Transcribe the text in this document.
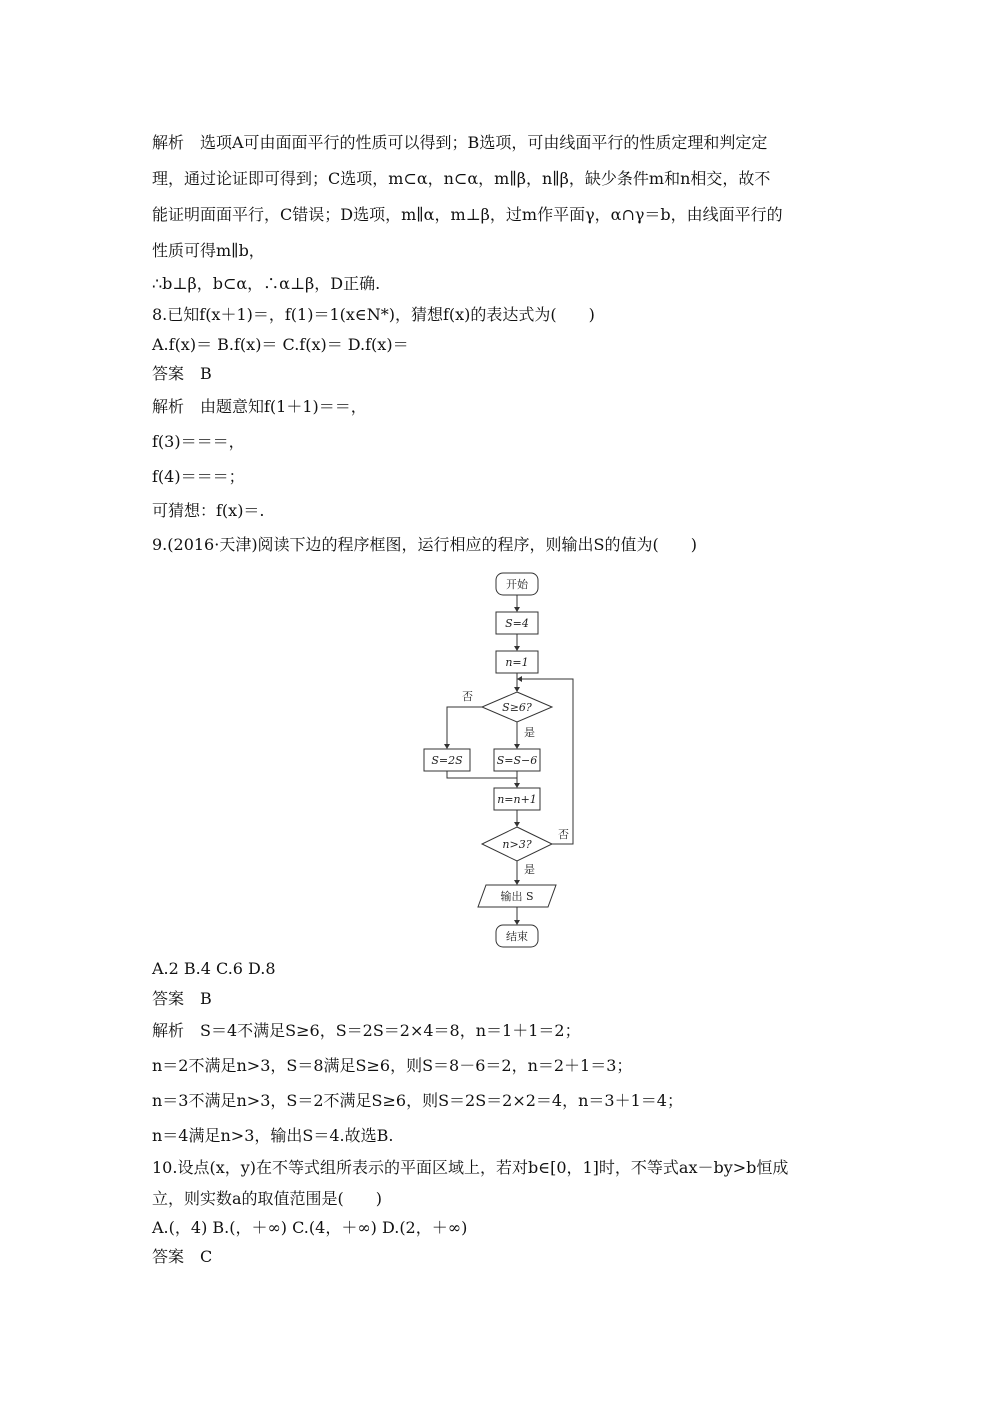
解析　选项A可由面面平行的性质可以得到；B选项，可由线面平行的性质定理和判定定
理，通过论证即可得到；C选项，m⊂α，n⊂α，m∥β，n∥β，缺少条件m和n相交，故不
能证明面面平行，C错误；D选项，m∥α，m⊥β，过m作平面γ，α∩γ＝b，由线面平行的
性质可得m∥b，
∴b⊥β，b⊂α，∴α⊥β，D正确.
8.已知f(x＋1)＝，f(1)＝1(x∈N*)，猜想f(x)的表达式为(　　)
A.f(x)＝ B.f(x)＝ C.f(x)＝ D.f(x)＝
答案　B
解析　由题意知f(1＋1)＝＝，
f(3)＝＝＝，
f(4)＝＝＝；
可猜想：f(x)＝.
9.(2016·天津)阅读下边的程序框图，运行相应的程序，则输出S的值为(　　)
开始
S=4
n=1
S≥6?
是
否
S=2S	S=S−6
n=n+1
n>3?
否
是
输出 S
结束
A.2 B.4 C.6 D.8
答案　B
解析　S＝4不满足S≥6，S＝2S＝2×4＝8，n＝1＋1＝2；
n＝2不满足n>3，S＝8满足S≥6，则S＝8－6＝2，n＝2＋1＝3；
n＝3不满足n>3，S＝2不满足S≥6，则S＝2S＝2×2＝4，n＝3＋1＝4；
n＝4满足n>3，输出S＝4.故选B.
10.设点(x，y)在不等式组所表示的平面区域上，若对b∈[0，1]时，不等式ax－by>b恒成
立，则实数a的取值范围是(　　)
A.(，4) B.(，＋∞) C.(4，＋∞) D.(2，＋∞)
答案　C
